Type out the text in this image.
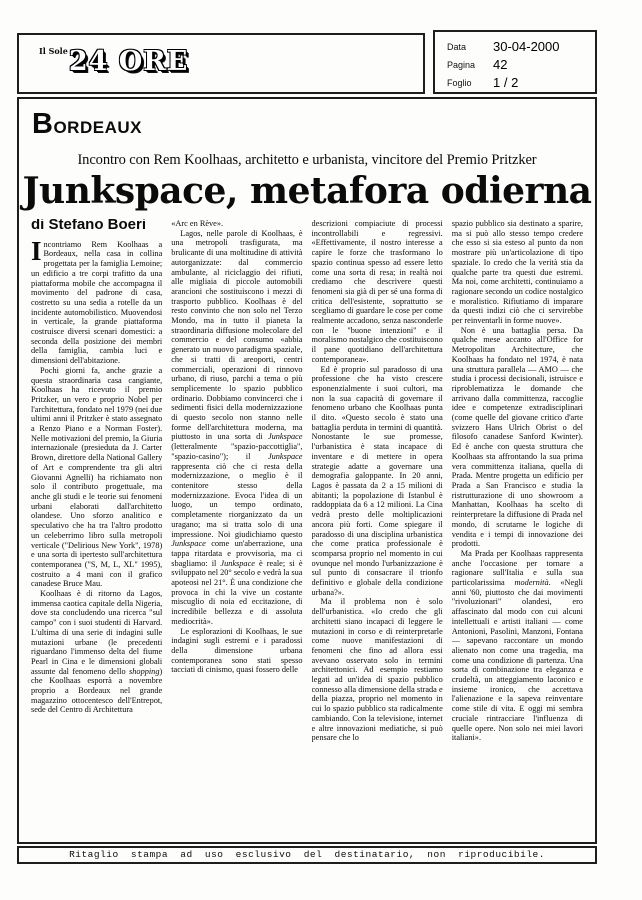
$^{Il Sole}$24 ORE	Data	30-04-2000
Pagina	42
Foglio	1 / 2
BORDEAUX
Incontro con Rem Koolhaas, architetto e urbanista, vincitore del Premio Pritzker
Junkspace, metafora odierna
di Stefano Boeri

Incontriamo Rem Koolhaas a Bordeaux, nella casa in collina progettata per la famiglia Lemoine; un edificio a tre corpi trafitto da una piattaforma mobile che accompagna il movimento del padrone di casa, costretto su una sedia a rotelle da un incidente automobilistico. Muovendosi in verticale, la grande piattaforma costruisce diversi scenari domestici: a seconda della posizione dei membri della famiglia, cambia luci e dimensioni dell'abitazione.

Pochi giorni fa, anche grazie a questa straordinaria casa cangiante, Koolhaas ha ricevuto il premio Pritzker, un vero e proprio Nobel per l'architettura, fondato nel 1979 (nei due ultimi anni il Pritzker è stato assegnato a Renzo Piano e a Norman Foster). Nelle motivazioni del premio, la Giuria internazionale (presieduta da J. Carter Brown, direttore della National Gallery of Art e comprendente tra gli altri Giovanni Agnelli) ha richiamato non solo il contributo progettuale, ma anche gli studi e le teorie sui fenomeni urbani elaborati dall'architetto olandese. Uno sforzo analitico e speculativo che ha tra l'altro prodotto un celeberrimo libro sulla metropoli verticale ("Delirious New York", 1978) e una sorta di ipertesto sull'architettura contemporanea ("S, M, L, XL" 1995), costruito a 4 mani con il grafico canadese Bruce Mau.

Koolhaas è di ritorno da Lagos, immensa caotica capitale della Nigeria, dove sta concludendo una ricerca "sul campo" con i suoi studenti di Harvard. L'ultima di una serie di indagini sulle mutazioni urbane (le precedenti riguardano l'immenso delta del fiume Pearl in Cina e le dimensioni globali assunte dal fenomeno dello shopping) che Koolhaas esporrà a novembre proprio a Bordeaux nel grande magazzino ottocentesco dell'Entrepot, sede del Centro di Architettura

«Arc en Rève».

Lagos, nelle parole di Koolhaas, è una metropoli trasfigurata, ma brulicante di una moltitudine di attività autorganizzate: dal commercio ambulante, al riciclaggio dei rifiuti, alle migliaia di piccole automobili arancioni che sostituiscono i mezzi di trasporto pubblico. Koolhaas è del resto convinto che non solo nel Terzo Mondo, ma in tutto il pianeta la straordinaria diffusione molecolare del commercio e del consumo «abbia generato un nuovo paradigma spaziale, che si tratti di areoporti, centri commerciali, operazioni di rinnovo urbano, di riuso, parchi a tema o più semplicemente lo spazio pubblico ordinario. Dobbiamo convincerci che i sedimenti fisici della modernizzazione di questo secolo non stanno nelle forme dell'architettura moderna, ma piuttosto in una sorta di Junkspace (letteralmente "spazio-paccottiglia", "spazio-casino"); il Junkspace rappresenta ciò che ci resta della modernizzazione, o meglio è il contenitore stesso della modernizzazione. Evoca l'idea di un luogo, un tempo ordinato, completamente riorganizzato da un uragano; ma si tratta solo di una impressione. Noi giudichiamo questo Junkspace come un'aberrazione, una tappa ritardata e provvisoria, ma ci sbagliamo: il Junkspace è reale; si è sviluppato nel 20° secolo e vedrà la sua apoteosi nel 21°. È una condizione che provoca in chi la vive un costante miscuglio di noia ed eccitazione, di incredibile bellezza e di assoluta mediocrità».

Le esplorazioni di Koolhaas, le sue indagini sugli estremi e i paradossi della dimensione urbana contemporanea sono stati spesso tacciati di cinismo, quasi fossero delle

descrizioni compiaciute di processi incontrollabili e regressivi. «Effettivamente, il nostro interesse a capire le forze che trasformano lo spazio continua spesso ad essere letto come una sorta di resa; in realtà noi crediamo che descrivere questi fenomeni sia già di per sé una forma di critica dell'esistente, soprattutto se scegliamo di guardare le cose per come realmente accadono, senza nasconderle con le "buone intenzioni" e il moralismo nostalgico che costituiscono il pane quotidiano dell'architettura contemporanea».

Ed è proprio sul paradosso di una professione che ha visto crescere esponenzialmente i suoi cultori, ma non la sua capacità di governare il fenomeno urbano che Koolhaas punta il dito. «Questo secolo è stato una battaglia perduta in termini di quantità. Nonostante le sue promesse, l'urbanistica è stata incapace di inventare e di mettere in opera strategie adatte a governare una demografia galoppante. In 20 anni, Lagos è passata da 2 a 15 milioni di abitanti; la popolazione di Istanbul è raddoppiata da 6 a 12 milioni. La Cina vedrà presto delle moltiplicazioni ancora più forti. Come spiegare il paradosso di una disciplina urbanistica che come pratica professionale è scomparsa proprio nel momento in cui ovunque nel mondo l'urbanizzazione è sul punto di consacrare il trionfo definitivo e globale della condizione urbana?».

Ma il problema non è solo dell'urbanistica. «Io credo che gli architetti siano incapaci di leggere le mutazioni in corso e di reinterpretarle come nuove manifestazioni di fenomeni che fino ad allora essi avevano osservato solo in termini architettonici. Ad esempio restiamo legati ad un'idea di spazio pubblico connesso alla dimensione della strada e della piazza, proprio nel momento in cui lo spazio pubblico sta radicalmente cambiando. Con la televisione, internet e altre innovazioni mediatiche, si può pensare che lo

spazio pubblico sia destinato a sparire, ma si può allo stesso tempo credere che esso si sia esteso al punto da non mostrare più un'articolazione di tipo spaziale. Io credo che la verità stia da qualche parte tra questi due estremi. Ma noi, come architetti, continuiamo a ragionare secondo un codice nostalgico e moralistico. Rifiutiamo di imparare da questi indizi ciò che ci servirebbe per reinventarli in forme nuove».

Non è una battaglia persa. Da qualche mese accanto all'Office for Metropolitan Architecture, che Koolhaas ha fondato nel 1974, è nata una struttura parallela — AMO — che studia i processi decisionali, istruisce e riproblematizza le domande che arrivano dalla committenza, raccoglie idee e competenze extradisciplinari (come quelle del giovane critico d'arte svizzero Hans Ulrich Obrist o del filosofo canadese Sanford Kwinter). Ed è anche con questa struttura che Koolhaas sta affrontando la sua prima vera committenza italiana, quella di Prada. Mentre progetta un edificio per Prada a San Francisco e studia la ristrutturazione di uno showroom a Manhattan, Koolhaas ha scelto di reinterpretare la diffusione di Prada nel mondo, di scrutarne le logiche di vendita e i tempi di innovazione dei prodotti.

Ma Prada per Koolhaas rappresenta anche l'occasione per tornare a ragionare sull'Italia e sulla sua particolarissima modernità. «Negli anni '60, piuttosto che dai movimenti "rivoluzionari" olandesi, ero affascinato dal modo con cui alcuni intellettuali e artisti italiani — come Antonioni, Pasolini, Manzoni, Fontana — sapevano raccontare un mondo alienato non come una tragedia, ma come una condizione di partenza. Una sorta di combinazione tra eleganza e crudeltà, un atteggiamento laconico e insieme ironico, che accettava l'alienazione e la sapeva reinventare come stile di vita. E oggi mi sembra cruciale rintracciare l'influenza di quelle opere. Non solo nei miei lavori italiani».

Ritaglio stampa ad uso esclusivo del destinatario, non riproducibile.
